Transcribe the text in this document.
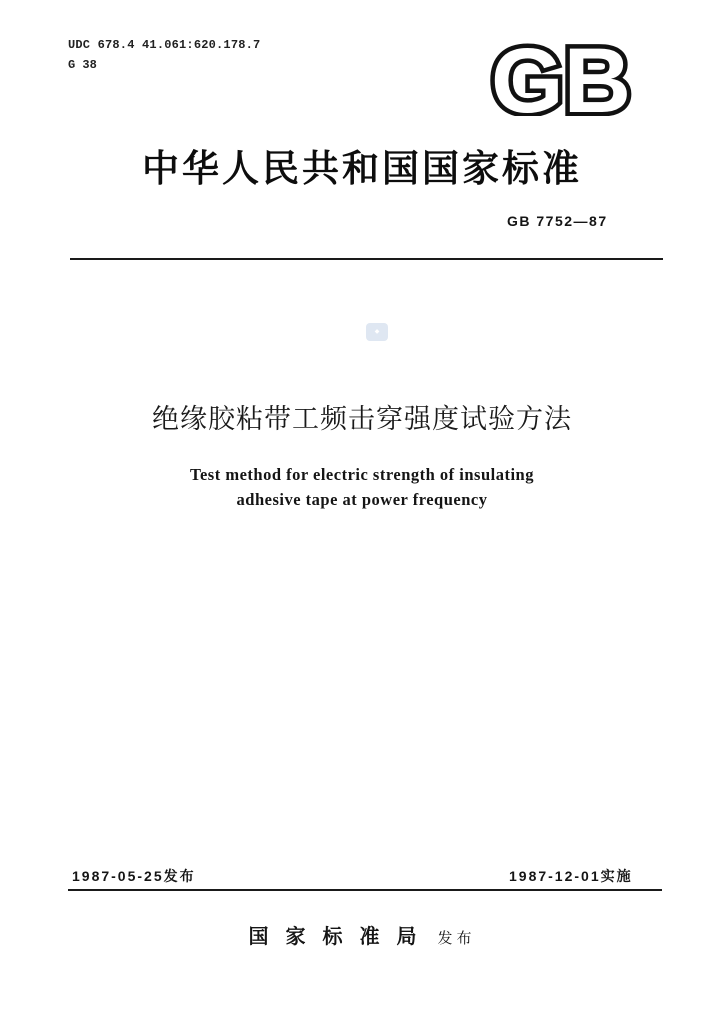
UDC 678.4 41.061:620.178.7
G 38	GB
中华人民共和国国家标准
GB 7752—87
◆
绝缘胶粘带工频击穿强度试验方法
Test method for electric strength of insulating
adhesive tape at power frequency
1987-05-25发布	1987-12-01实施
国家标准局 发布
